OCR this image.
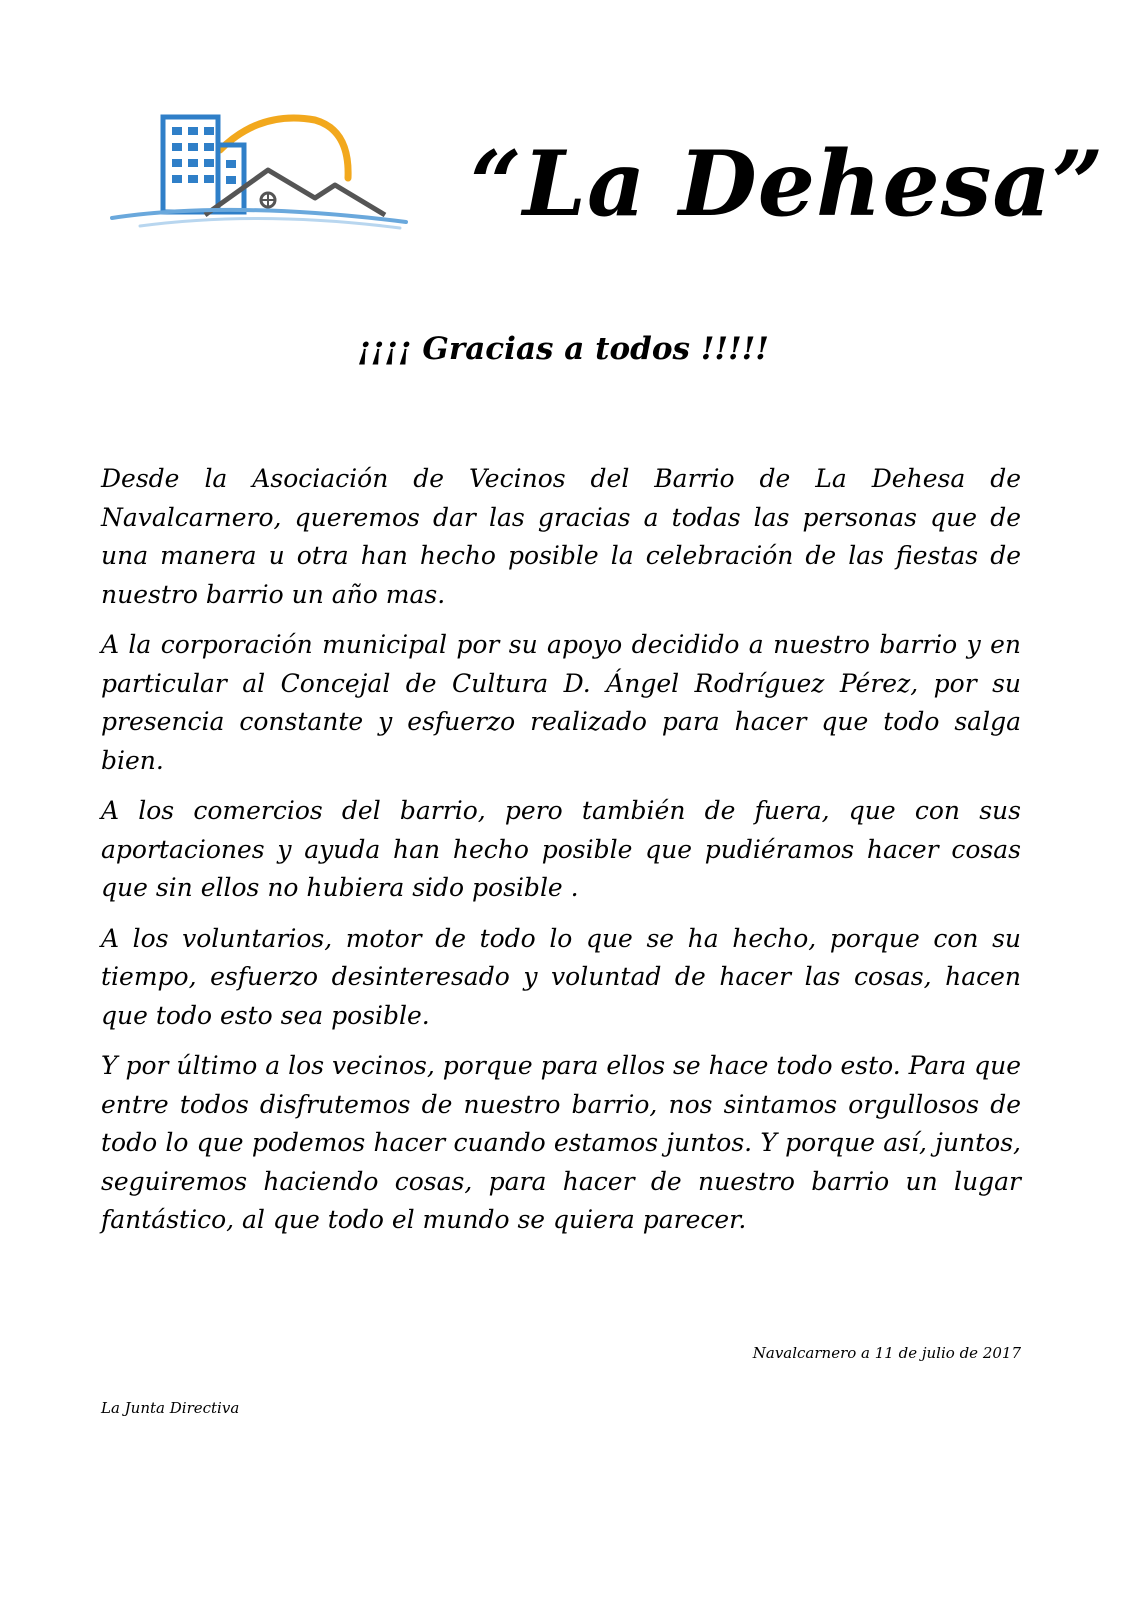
“La Dehesa”
¡¡¡¡ Gracias a todos !!!!!

Desde la Asociación de Vecinos del Barrio de La Dehesa de Navalcarnero, queremos dar las gracias a todas las personas que de una manera u otra han hecho posible la celebración de las fiestas de nuestro barrio un año mas.

A la corporación municipal por su apoyo decidido a nuestro barrio y en particular al Concejal de Cultura D. Ángel Rodríguez Pérez, por su presencia constante y esfuerzo realizado para hacer que todo salga bien.

A los comercios del barrio, pero también de fuera, que con sus aportaciones y ayuda han hecho posible que pudiéramos hacer cosas que sin ellos no hubiera sido posible .

A los voluntarios, motor de todo lo que se ha hecho, porque con su tiempo, esfuerzo desinteresado y voluntad de hacer las cosas, hacen que todo esto sea posible.

Y por último a los vecinos, porque para ellos se hace todo esto. Para que entre todos disfrutemos de nuestro barrio, nos sintamos orgullosos de todo lo que podemos hacer cuando estamos juntos. Y porque así, juntos, seguiremos haciendo cosas, para hacer de nuestro barrio un lugar fantástico, al que todo el mundo se quiera parecer.

Navalcarnero a 11 de julio de 2017
La Junta Directiva
